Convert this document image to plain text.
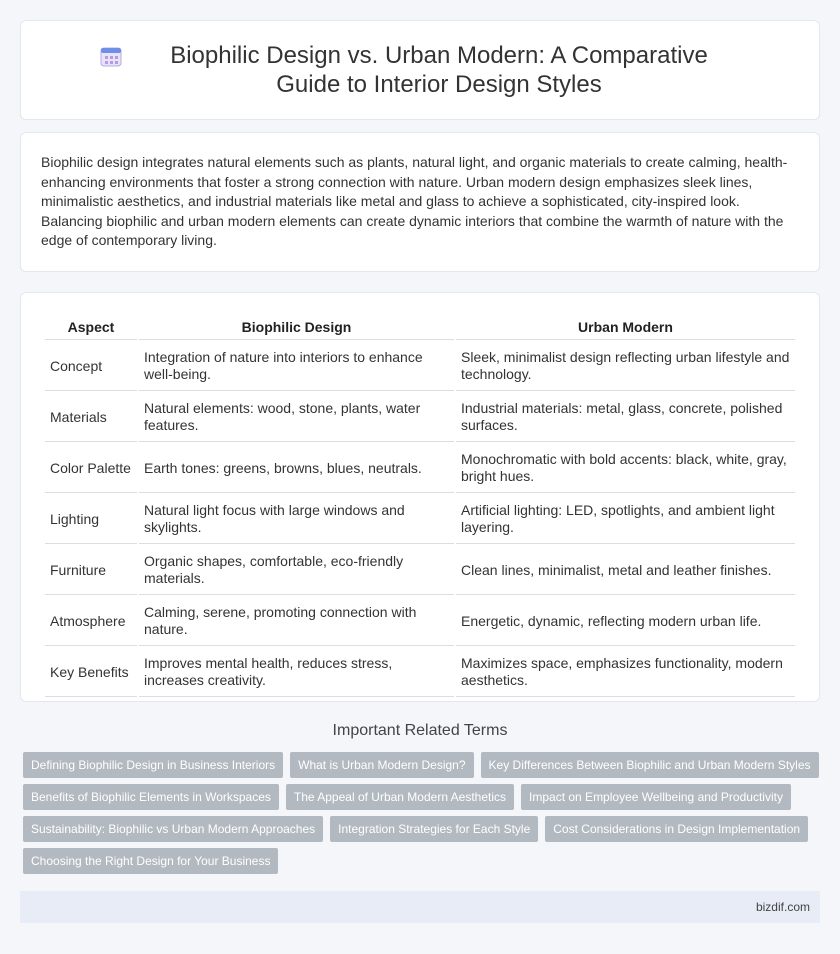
Biophilic Design vs. Urban Modern: A Comparative Guide to Interior Design Styles

Biophilic design integrates natural elements such as plants, natural light, and organic materials to create calming, health-enhancing environments that foster a strong connection with nature. Urban modern design emphasizes sleek lines, minimalistic aesthetics, and industrial materials like metal and glass to achieve a sophisticated, city-inspired look. Balancing biophilic and urban modern elements can create dynamic interiors that combine the warmth of nature with the edge of contemporary living.

Aspect	Biophilic Design	Urban Modern
Concept	Integration of nature into interiors to enhance well-being.	Sleek, minimalist design reflecting urban lifestyle and technology.
Materials	Natural elements: wood, stone, plants, water features.	Industrial materials: metal, glass, concrete, polished surfaces.
Color Palette	Earth tones: greens, browns, blues, neutrals.	Monochromatic with bold accents: black, white, gray, bright hues.
Lighting	Natural light focus with large windows and skylights.	Artificial lighting: LED, spotlights, and ambient light layering.
Furniture	Organic shapes, comfortable, eco-friendly materials.	Clean lines, minimalist, metal and leather finishes.
Atmosphere	Calming, serene, promoting connection with nature.	Energetic, dynamic, reflecting modern urban life.
Key Benefits	Improves mental health, reduces stress, increases creativity.	Maximizes space, emphasizes functionality, modern aesthetics.
Important Related Terms
Defining Biophilic Design in Business Interiors	What is Urban Modern Design?	Key Differences Between Biophilic and Urban Modern Styles
Benefits of Biophilic Elements in Workspaces	The Appeal of Urban Modern Aesthetics	Impact on Employee Wellbeing and Productivity
Sustainability: Biophilic vs Urban Modern Approaches	Integration Strategies for Each Style	Cost Considerations in Design Implementation
Choosing the Right Design for Your Business
bizdif.com
